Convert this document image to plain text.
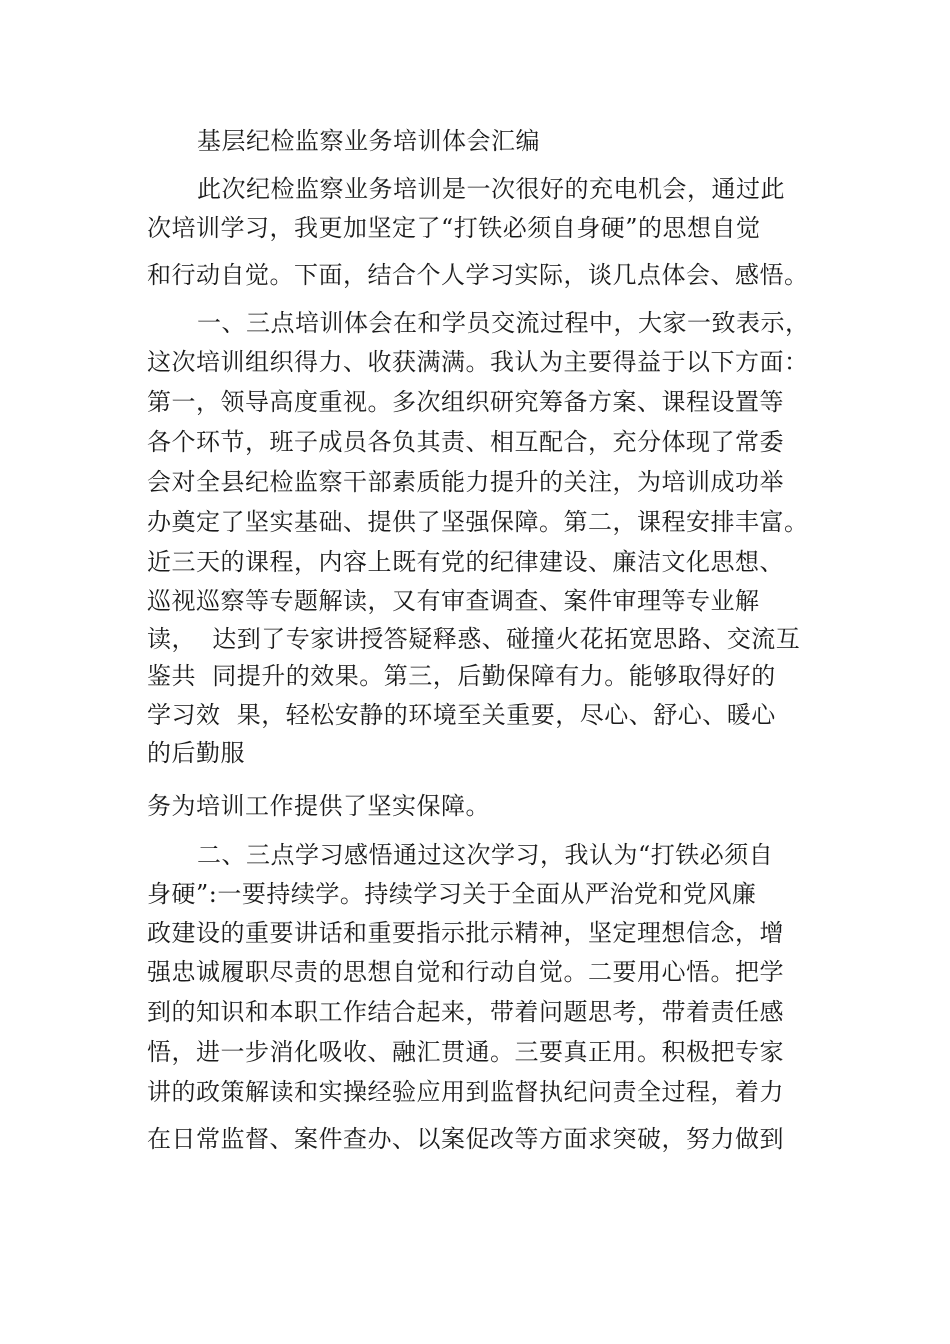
基层纪检监察业务培训体会汇编
此次纪检监察业务培训是一次很好的充电机会，通过此
次培训学习，我更加坚定了“打铁必须自身硬”的思想自觉
和行动自觉。下面，结合个人学习实际，谈几点体会、感悟。
一、三点培训体会在和学员交流过程中，大家一致表示，
这次培训组织得力、收获满满。我认为主要得益于以下方面：
第一，领导高度重视。多次组织研究筹备方案、课程设置等
各个环节，班子成员各负其责、相互配合，充分体现了常委
会对全县纪检监察干部素质能力提升的关注，为培训成功举
办奠定了坚实基础、提供了坚强保障。第二，课程安排丰富。
近三天的课程，内容上既有党的纪律建设、廉洁文化思想、
巡视巡察等专题解读，又有审查调查、案件审理等专业解
读，  达到了专家讲授答疑释惑、碰撞火花拓宽思路、交流互
鉴共  同提升的效果。第三，后勤保障有力。能够取得好的
学习效  果，轻松安静的环境至关重要，尽心、舒心、暖心
的后勤服
务为培训工作提供了坚实保障。
二、三点学习感悟通过这次学习，我认为“打铁必须自
身硬”:一要持续学。持续学习关于全面从严治党和党风廉
政建设的重要讲话和重要指示批示精神，坚定理想信念，增
强忠诚履职尽责的思想自觉和行动自觉。二要用心悟。把学
到的知识和本职工作结合起来，带着问题思考，带着责任感
悟，进一步消化吸收、融汇贯通。三要真正用。积极把专家
讲的政策解读和实操经验应用到监督执纪问责全过程，着力
在日常监督、案件查办、以案促改等方面求突破，努力做到
